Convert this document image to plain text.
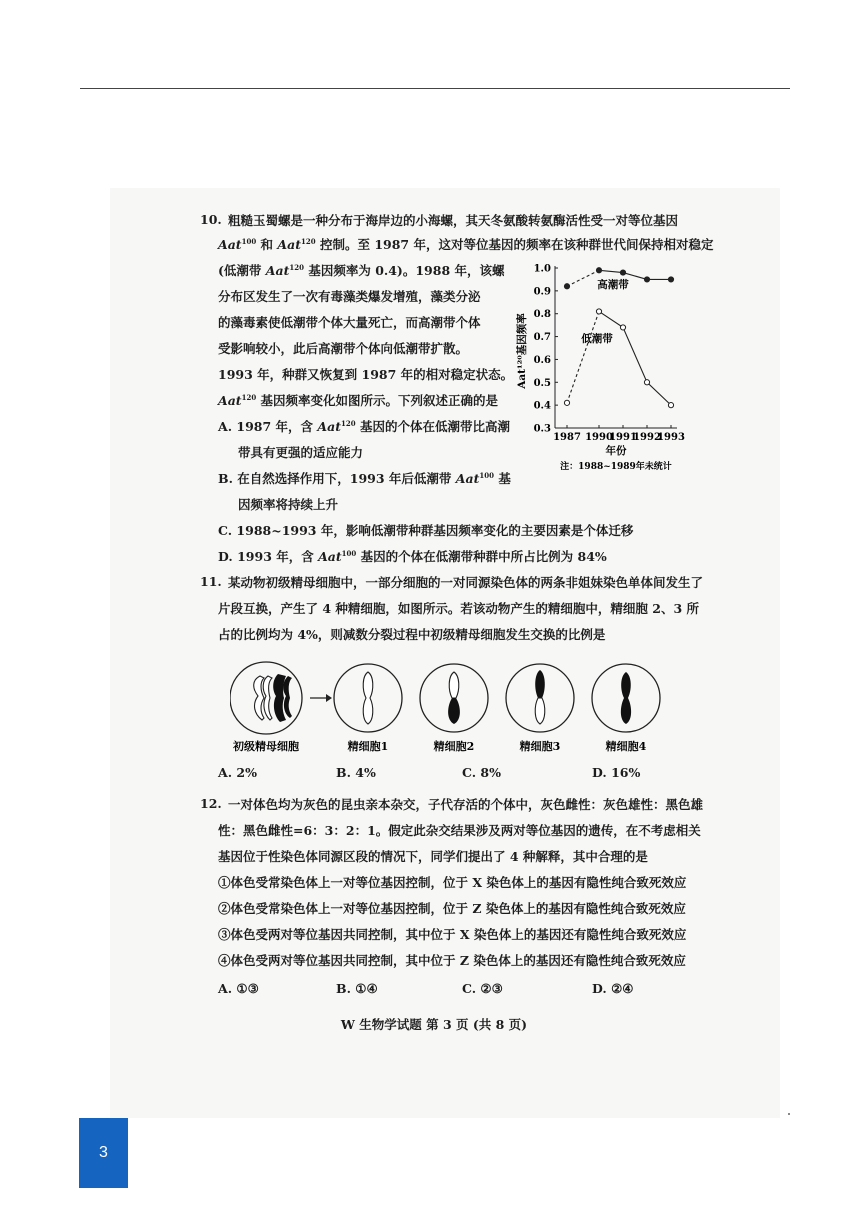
10. 粗糙玉蜀螺是一种分布于海岸边的小海螺，其天冬氨酸转氨酶活性受一对等位基因
Aat$^{100}$ 和 Aat$^{120}$ 控制。至 1987 年，这对等位基因的频率在该种群世代间保持相对稳定
(低潮带 Aat$^{120}$ 基因频率为 0.4)。1988 年，该螺
分布区发生了一次有毒藻类爆发增殖，藻类分泌
的藻毒素使低潮带个体大量死亡，而高潮带个体
受影响较小，此后高潮带个体向低潮带扩散。
1993 年，种群又恢复到 1987 年的相对稳定状态。
Aat$^{120}$ 基因频率变化如图所示。下列叙述正确的是
A. 1987 年，含 Aat$^{120}$ 基因的个体在低潮带比高潮
带具有更强的适应能力
B. 在自然选择作用下，1993 年后低潮带 Aat$^{100}$ 基
因频率将持续上升
C. 1988~1993 年，影响低潮带种群基因频率变化的主要因素是个体迁移
D. 1993 年，含 Aat$^{100}$ 基因的个体在低潮带种群中所占比例为 84%
Aat¹²⁰基因频率
1.0
0.9
0.8
0.7
0.6
0.5
0.4
0.3
1987 1990
1991
1992
1993
高潮带
低潮带
年份
注：1988~1989年未统计
11. 某动物初级精母细胞中，一部分细胞的一对同源染色体的两条非姐妹染色单体间发生了
片段互换，产生了 4 种精细胞，如图所示。若该动物产生的精细胞中，精细胞 2、3 所
占的比例均为 4%，则减数分裂过程中初级精母细胞发生交换的比例是
初级精母细胞	精细胞1	精细胞2	精细胞3	精细胞4
A. 2%	B. 4%	C. 8%	D. 16%
12. 一对体色均为灰色的昆虫亲本杂交，子代存活的个体中，灰色雌性：灰色雄性：黑色雄
性：黑色雌性=6：3：2：1。假定此杂交结果涉及两对等位基因的遗传，在不考虑相关
基因位于性染色体同源区段的情况下，同学们提出了 4 种解释，其中合理的是
①体色受常染色体上一对等位基因控制，位于 X 染色体上的基因有隐性纯合致死效应
②体色受常染色体上一对等位基因控制，位于 Z 染色体上的基因有隐性纯合致死效应
③体色受两对等位基因共同控制，其中位于 X 染色体上的基因还有隐性纯合致死效应
④体色受两对等位基因共同控制，其中位于 Z 染色体上的基因还有隐性纯合致死效应
A. ①③	B. ①④	C. ②③	D. ②④
W 生物学试题 第 3 页 (共 8 页)
3
